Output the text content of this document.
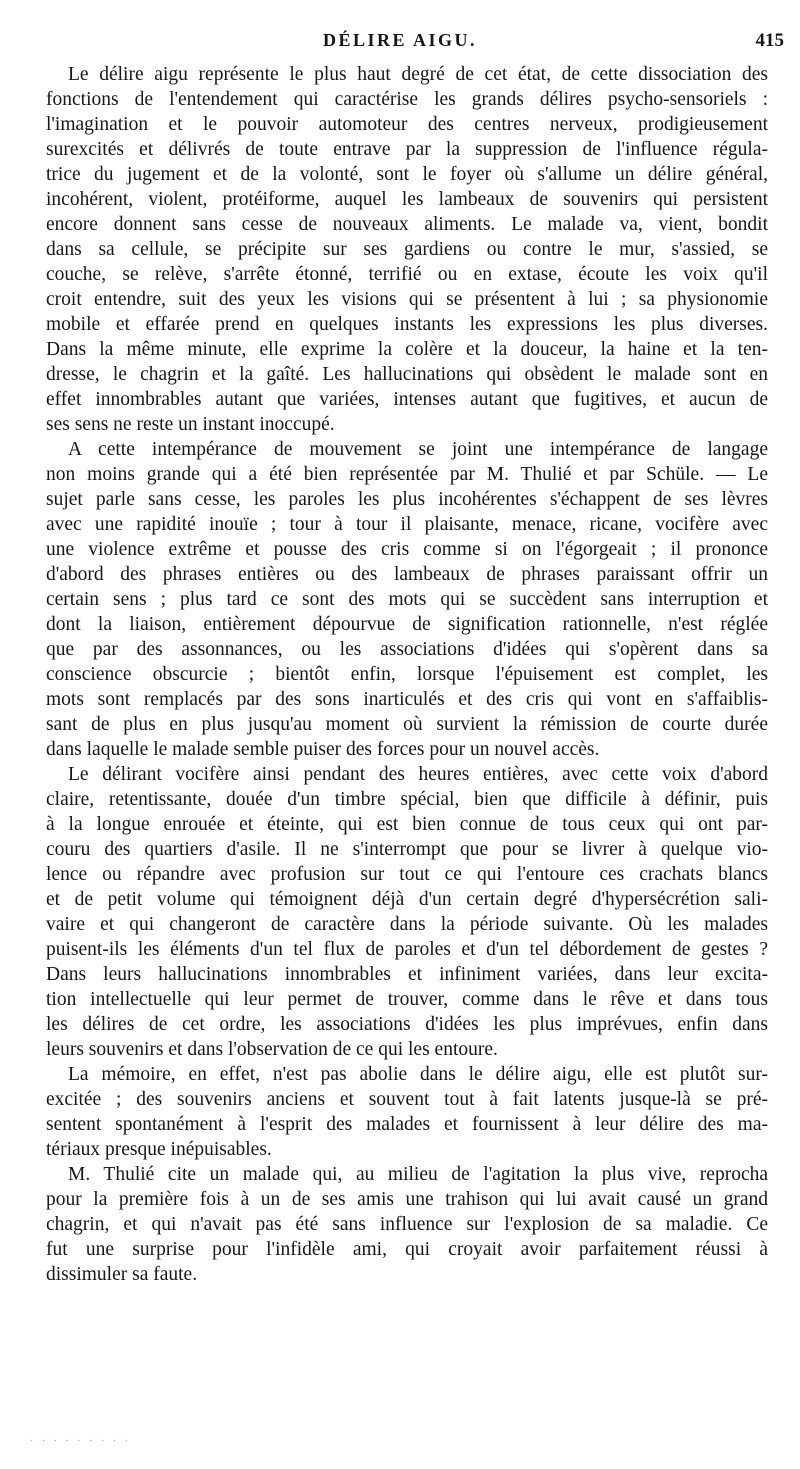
DÉLIRE AIGU.	415

Le délire aigu représente le plus haut degré de cet état, de cette dissociation des

fonctions de l'entendement qui caractérise les grands délires psycho-sensoriels :

l'imagination et le pouvoir automoteur des centres nerveux, prodigieusement

surexcités et délivrés de toute entrave par la suppression de l'influence régula-

trice du jugement et de la volonté, sont le foyer où s'allume un délire général,

incohérent, violent, protéiforme, auquel les lambeaux de souvenirs qui persistent

encore donnent sans cesse de nouveaux aliments. Le malade va, vient, bondit

dans sa cellule, se précipite sur ses gardiens ou contre le mur, s'assied, se

couche, se relève, s'arrête étonné, terrifié ou en extase, écoute les voix qu'il

croit entendre, suit des yeux les visions qui se présentent à lui ; sa physionomie

mobile et effarée prend en quelques instants les expressions les plus diverses.

Dans la même minute, elle exprime la colère et la douceur, la haine et la ten-

dresse, le chagrin et la gaîté. Les hallucinations qui obsèdent le malade sont en

effet innombrables autant que variées, intenses autant que fugitives, et aucun de

ses sens ne reste un instant inoccupé.

A cette intempérance de mouvement se joint une intempérance de langage

non moins grande qui a été bien représentée par M. Thulié et par Schüle. — Le

sujet parle sans cesse, les paroles les plus incohérentes s'échappent de ses lèvres

avec une rapidité inouïe ; tour à tour il plaisante, menace, ricane, vocifère avec

une violence extrême et pousse des cris comme si on l'égorgeait ; il prononce

d'abord des phrases entières ou des lambeaux de phrases paraissant offrir un

certain sens ; plus tard ce sont des mots qui se succèdent sans interruption et

dont la liaison, entièrement dépourvue de signification rationnelle, n'est réglée

que par des assonnances, ou les associations d'idées qui s'opèrent dans sa

conscience obscurcie ; bientôt enfin, lorsque l'épuisement est complet, les

mots sont remplacés par des sons inarticulés et des cris qui vont en s'affaiblis-

sant de plus en plus jusqu'au moment où survient la rémission de courte durée

dans laquelle le malade semble puiser des forces pour un nouvel accès.

Le délirant vocifère ainsi pendant des heures entières, avec cette voix d'abord

claire, retentissante, douée d'un timbre spécial, bien que difficile à définir, puis

à la longue enrouée et éteinte, qui est bien connue de tous ceux qui ont par-

couru des quartiers d'asile. Il ne s'interrompt que pour se livrer à quelque vio-

lence ou répandre avec profusion sur tout ce qui l'entoure ces crachats blancs

et de petit volume qui témoignent déjà d'un certain degré d'hypersécrétion sali-

vaire et qui changeront de caractère dans la période suivante. Où les malades

puisent-ils les éléments d'un tel flux de paroles et d'un tel débordement de gestes ?

Dans leurs hallucinations innombrables et infiniment variées, dans leur excita-

tion intellectuelle qui leur permet de trouver, comme dans le rêve et dans tous

les délires de cet ordre, les associations d'idées les plus imprévues, enfin dans

leurs souvenirs et dans l'observation de ce qui les entoure.

La mémoire, en effet, n'est pas abolie dans le délire aigu, elle est plutôt sur-

excitée ; des souvenirs anciens et souvent tout à fait latents jusque-là se pré-

sentent spontanément à l'esprit des malades et fournissent à leur délire des ma-

tériaux presque inépuisables.

M. Thulié cite un malade qui, au milieu de l'agitation la plus vive, reprocha

pour la première fois à un de ses amis une trahison qui lui avait causé un grand

chagrin, et qui n'avait pas été sans influence sur l'explosion de sa maladie. Ce

fut une surprise pour l'infidèle ami, qui croyait avoir parfaitement réussi à

dissimuler sa faute.

· · · · · · · · ·
